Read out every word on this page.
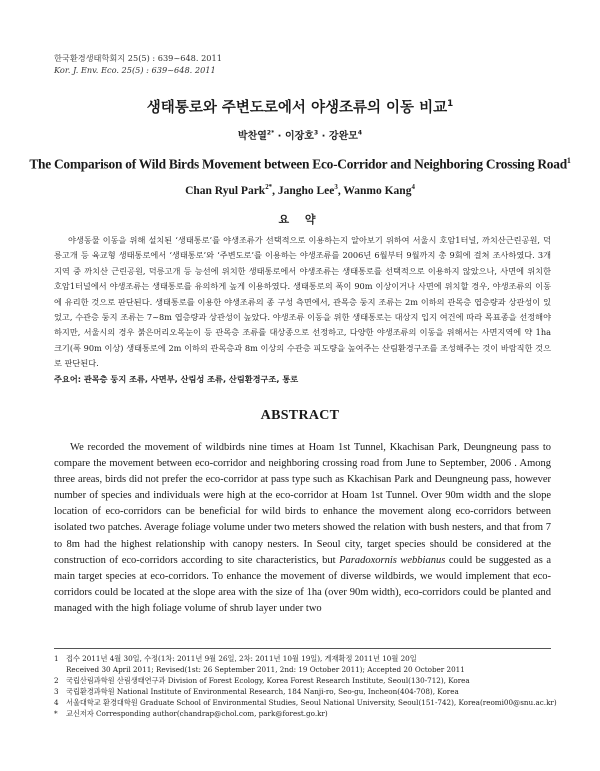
한국환경생태학회지 25(5) : 639~648. 2011
Kor. J. Env. Eco. 25(5) : 639~648. 2011
생태통로와 주변도로에서 야생조류의 이동 비교$^1$
박찬열$^{2*}$ · 이장호$^3$ · 강완모$^4$
The Comparison of Wild Birds Movement between Eco-Corridor and Neighboring Crossing Road$^1$
Chan Ryul Park$^{2*}$, Jangho Lee$^3$, Wanmo Kang$^4$
요 약
야생동물 이동을 위해 설치된 ‘생태통로’를 야생조류가 선택적으로 이용하는지 알아보기 위하여 서울시 호암1터널, 까치산근린공원, 덕릉고개 등 육교형 생태통로에서 ‘생태통로’와 ‘주변도로’를 이용하는 야생조류를 2006년 6월부터 9월까지 총 9회에 걸쳐 조사하였다. 3개 지역 중 까치산 근린공원, 덕릉고개 등 능선에 위치한 생태통로에서 야생조류는 생태통로를 선택적으로 이용하지 않았으나, 사면에 위치한 호암1터널에서 야생조류는 생태통로를 유의하게 높게 이용하였다. 생태통로의 폭이 90m 이상이거나 사면에 위치할 경우, 야생조류의 이동에 유리한 것으로 판단된다. 생태통로를 이용한 야생조류의 종 구성 측면에서, 관목층 둥지 조류는 2m 이하의 관목층 엽층량과 상관성이 있었고, 수관층 둥지 조류는 7~8m 엽층량과 상관성이 높았다. 야생조류 이동을 위한 생태통로는 대상지 입지 여건에 따라 목표종을 선정해야 하지만, 서울시의 경우 붉은머리오목눈이 등 관목층 조류를 대상종으로 선정하고, 다양한 야생조류의 이동을 위해서는 사면지역에 약 1ha 크기(폭 90m 이상) 생태통로에 2m 이하의 관목층과 8m 이상의 수관층 피도량을 높여주는 산림환경구조를 조성해주는 것이 바람직한 것으로 판단된다.
주요어: 관목층 둥지 조류, 사면부, 산림성 조류, 산림환경구조, 통로
ABSTRACT

We recorded the movement of wildbirds nine times at Hoam 1st Tunnel, Kkachisan Park, Deungneung pass to compare the movement between eco-corridor and neighboring crossing road from June to September, 2006 . Among three areas, birds did not prefer the eco-corridor at pass type such as Kkachisan Park and Deungneung pass, however number of species and individuals were high at the eco-corridor at Hoam 1st Tunnel. Over 90m width and the slope location of eco-corridors can be beneficial for wild birds to enhance the movement along eco-corridors between isolated two patches. Average foliage volume under two meters showed the relation with bush nesters, and that from 7 to 8m had the highest relationship with canopy nesters. In Seoul city, target species should be considered at the construction of eco-corridors according to site characteristics, but Paradoxornis webbianus could be suggested as a main target species at eco-corridors. To enhance the movement of diverse wildbirds, we would implement that eco-corridors could be located at the slope area with the size of 1ha (over 90m width), eco-corridors could be planted and managed with the high foliage volume of shrub layer under two

1	접수 2011년 4월 30일, 수정(1차: 2011년 9월 26일, 2차: 2011년 10월 19일), 게재확정 2011년 10월 20일
Received 30 April 2011; Revised(1st: 26 September 2011, 2nd: 19 October 2011); Accepted 20 October 2011
2	국립산림과학원 산림생태연구과 Division of Forest Ecology, Korea Forest Research Institute, Seoul(130-712), Korea
3	국립환경과학원 National Institute of Environmental Research, 184 Nanji-ro, Seo-gu, Incheon(404-708), Korea
4	서울대학교 환경대학원 Graduate School of Environmental Studies, Seoul National University, Seoul(151-742), Korea(reomi00@snu.ac.kr)
*	교신저자 Corresponding author(chandrap@chol.com, park@forest.go.kr)
